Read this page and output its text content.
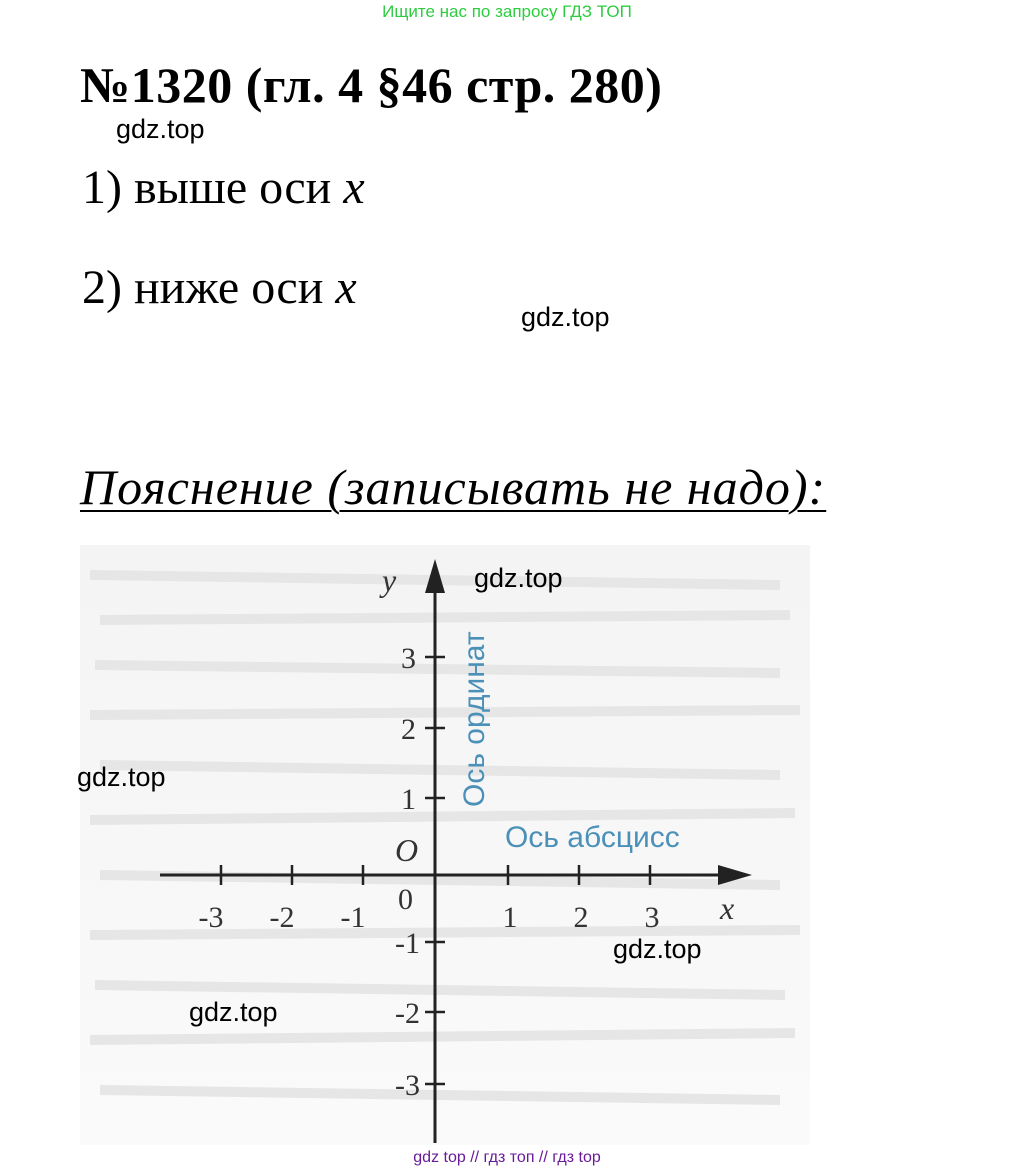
Ищите нас по запросу ГДЗ ТОП
№1320 (гл. 4 §46 стр. 280)
gdz.top
1) выше оси x
2) ниже оси x
gdz.top
Пояснение (записывать не надо):
-3 -2 -1	1 2 3
3
2
1
-1
-2
-3
O
0
y
x
Ось ординат
Ось абсцисс
gdz.top
gdz.top
gdz.top
gdz.top
gdz top // гдз топ // гдз top
